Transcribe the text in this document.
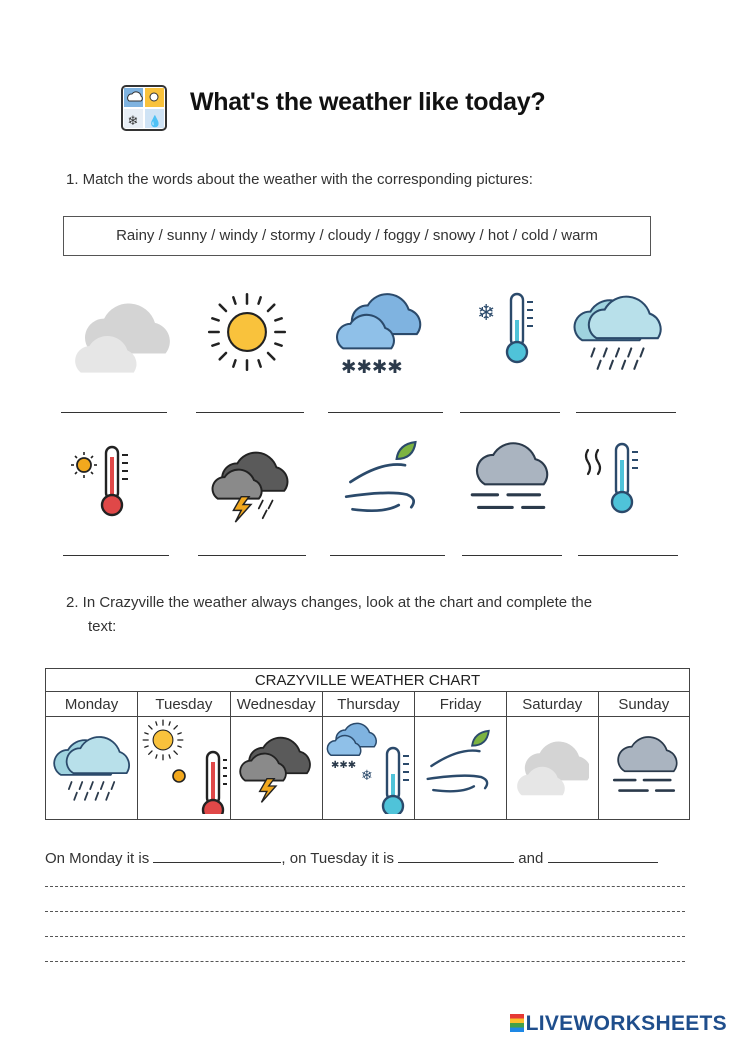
❄ 💧
What's the weather like today?
1. Match the words about the weather with the corresponding pictures:
Rainy / sunny / windy / stormy / cloudy / foggy / snowy / hot / cold / warm
✱✱✱✱
❄
2. In Crazyville the weather always changes, look at the chart and complete the
text:
CRAZYVILLE WEATHER CHART						
Monday	Tuesday	Wednesday	Thursday	Friday	Saturday	Sunday

✱✱✱
❄

On Monday it is	, on Tuesday it is	and
LIVEWORKSHEETS
